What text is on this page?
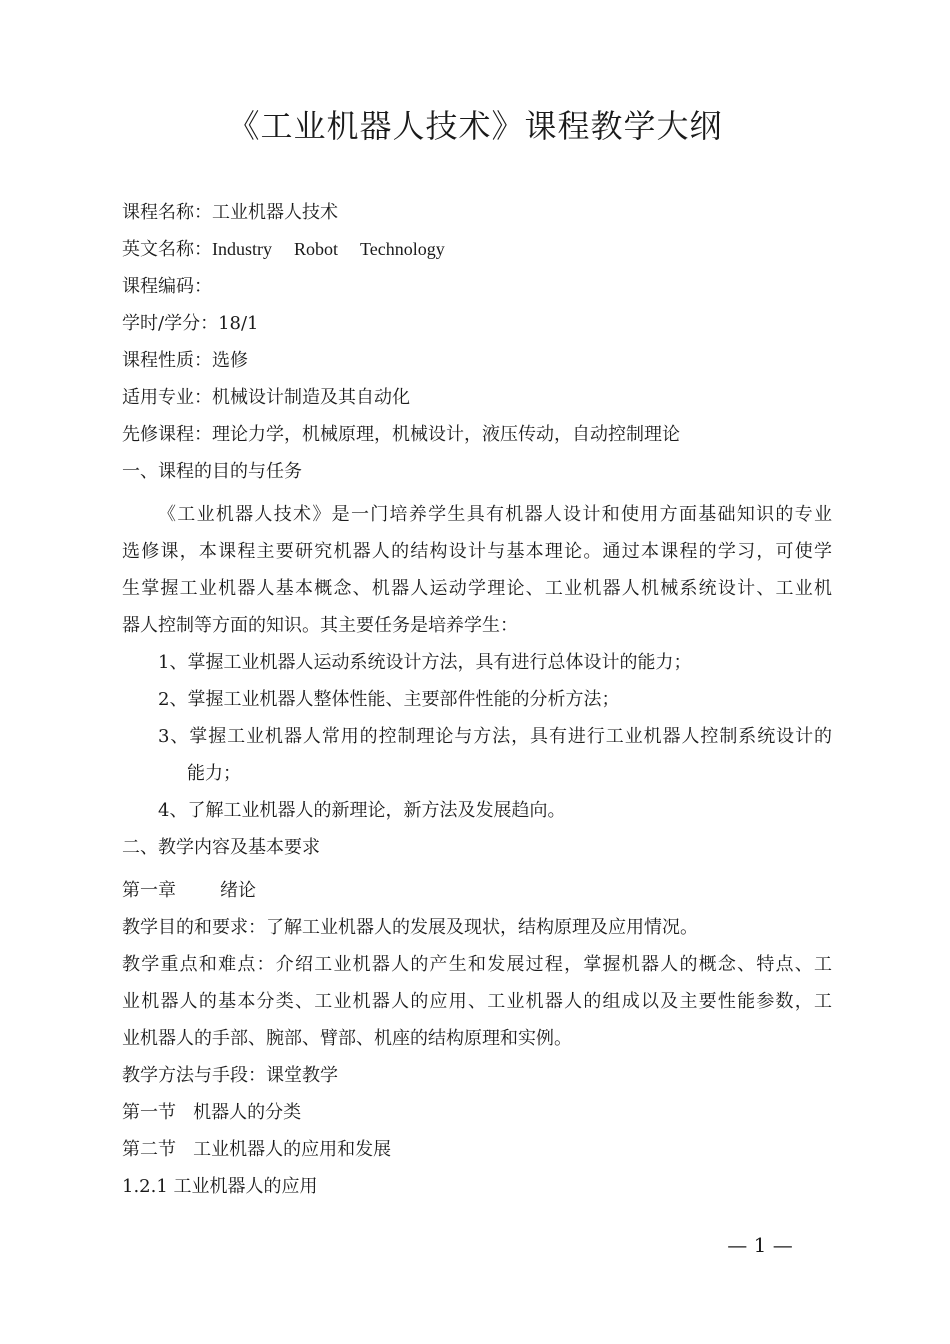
《工业机器人技术》课程教学大纲
课程名称：工业机器人技术
英文名称：Industry Robot Technology
课程编码：
学时/学分：18/1
课程性质：选修
适用专业：机械设计制造及其自动化
先修课程：理论力学，机械原理，机械设计，液压传动，自动控制理论
一、课程的目的与任务
《工业机器人技术》是一门培养学生具有机器人设计和使用方面基础知识的专业
选修课，本课程主要研究机器人的结构设计与基本理论。通过本课程的学习，可使学
生掌握工业机器人基本概念、机器人运动学理论、工业机器人机械系统设计、工业机
器人控制等方面的知识。其主要任务是培养学生：
1、掌握工业机器人运动系统设计方法，具有进行总体设计的能力；
2、掌握工业机器人整体性能、主要部件性能的分析方法；
3、掌握工业机器人常用的控制理论与方法，具有进行工业机器人控制系统设计的
能力；
4、了解工业机器人的新理论，新方法及发展趋向。
二、教学内容及基本要求
第一章 绪论
教学目的和要求：了解工业机器人的发展及现状，结构原理及应用情况。
教学重点和难点：介绍工业机器人的产生和发展过程，掌握机器人的概念、特点、工
业机器人的基本分类、工业机器人的应用、工业机器人的组成以及主要性能参数，工
业机器人的手部、腕部、臂部、机座的结构原理和实例。
教学方法与手段：课堂教学
第一节   机器人的分类
第二节   工业机器人的应用和发展
1.2.1 工业机器人的应用
— 1 —
